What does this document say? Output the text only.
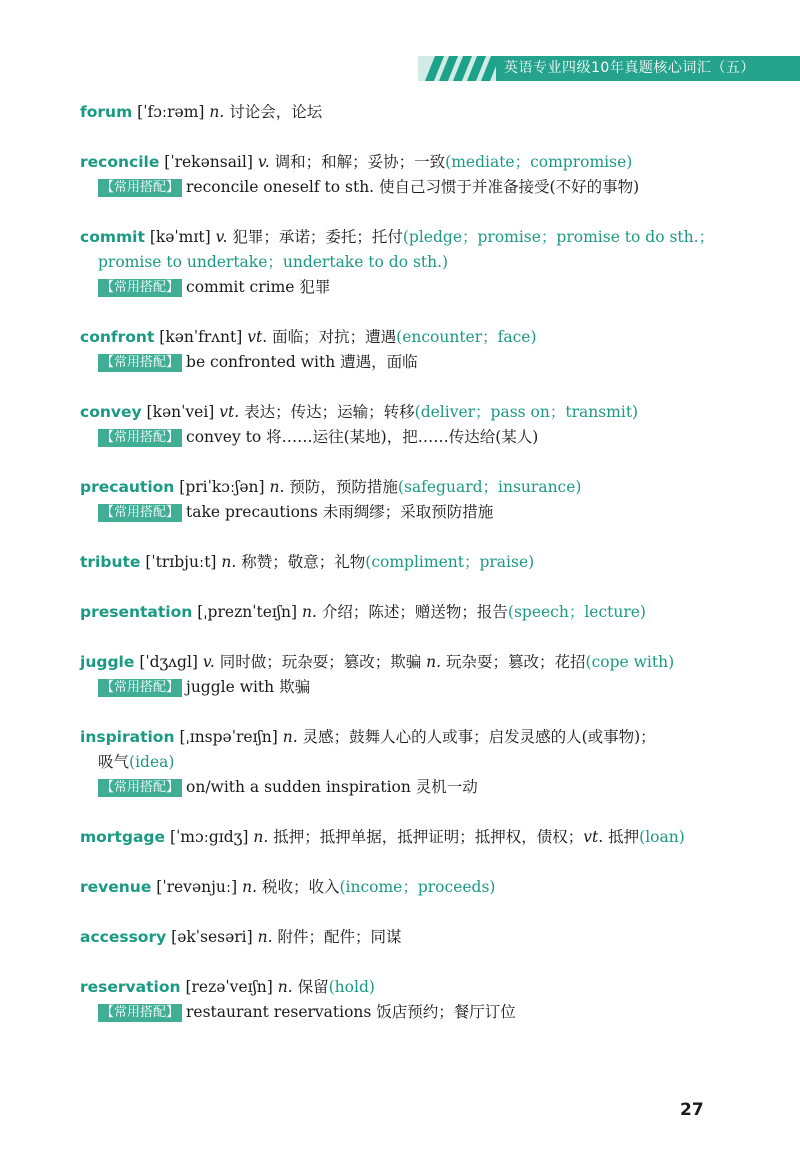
英语专业四级10年真题核心词汇（五）
forum [ˈfɔːrəm] n. 讨论会，论坛
reconcile [ˈrekənsail] v. 调和；和解；妥协；一致(mediate；compromise)
【常用搭配】 reconcile oneself to sth. 使自己习惯于并准备接受(不好的事物)
commit [kəˈmɪt] v. 犯罪；承诺；委托；托付(pledge；promise；promise to do sth.；
promise to undertake；undertake to do sth.)
【常用搭配】 commit crime 犯罪
confront [kənˈfrʌnt] vt. 面临；对抗；遭遇(encounter；face)
【常用搭配】 be confronted with 遭遇，面临
convey [kənˈvei] vt. 表达；传达；运输；转移(deliver；pass on；transmit)
【常用搭配】 convey to 将……运往(某地)，把……传达给(某人)
precaution [priˈkɔːʃən] n. 预防，预防措施(safeguard；insurance)
【常用搭配】 take precautions 未雨绸缪；采取预防措施
tribute [ˈtrɪbjuːt] n. 称赞；敬意；礼物(compliment；praise)
presentation [ˌpreznˈteɪʃn] n. 介绍；陈述；赠送物；报告(speech；lecture)
juggle [ˈdʒʌgl] v. 同时做；玩杂耍；篡改；欺骗 n. 玩杂耍；篡改；花招(cope with)
【常用搭配】 juggle with 欺骗
inspiration [ˌɪnspəˈreɪʃn] n. 灵感；鼓舞人心的人或事；启发灵感的人(或事物)；
吸气(idea)
【常用搭配】 on/with a sudden inspiration 灵机一动
mortgage [ˈmɔːgɪdʒ] n. 抵押；抵押单据，抵押证明；抵押权，债权；vt. 抵押(loan)
revenue [ˈrevənjuː] n. 税收；收入(income；proceeds)
accessory [əkˈsesəri] n. 附件；配件；同谋
reservation [rezəˈveɪʃn] n. 保留(hold)
【常用搭配】 restaurant reservations 饭店预约；餐厅订位
27
